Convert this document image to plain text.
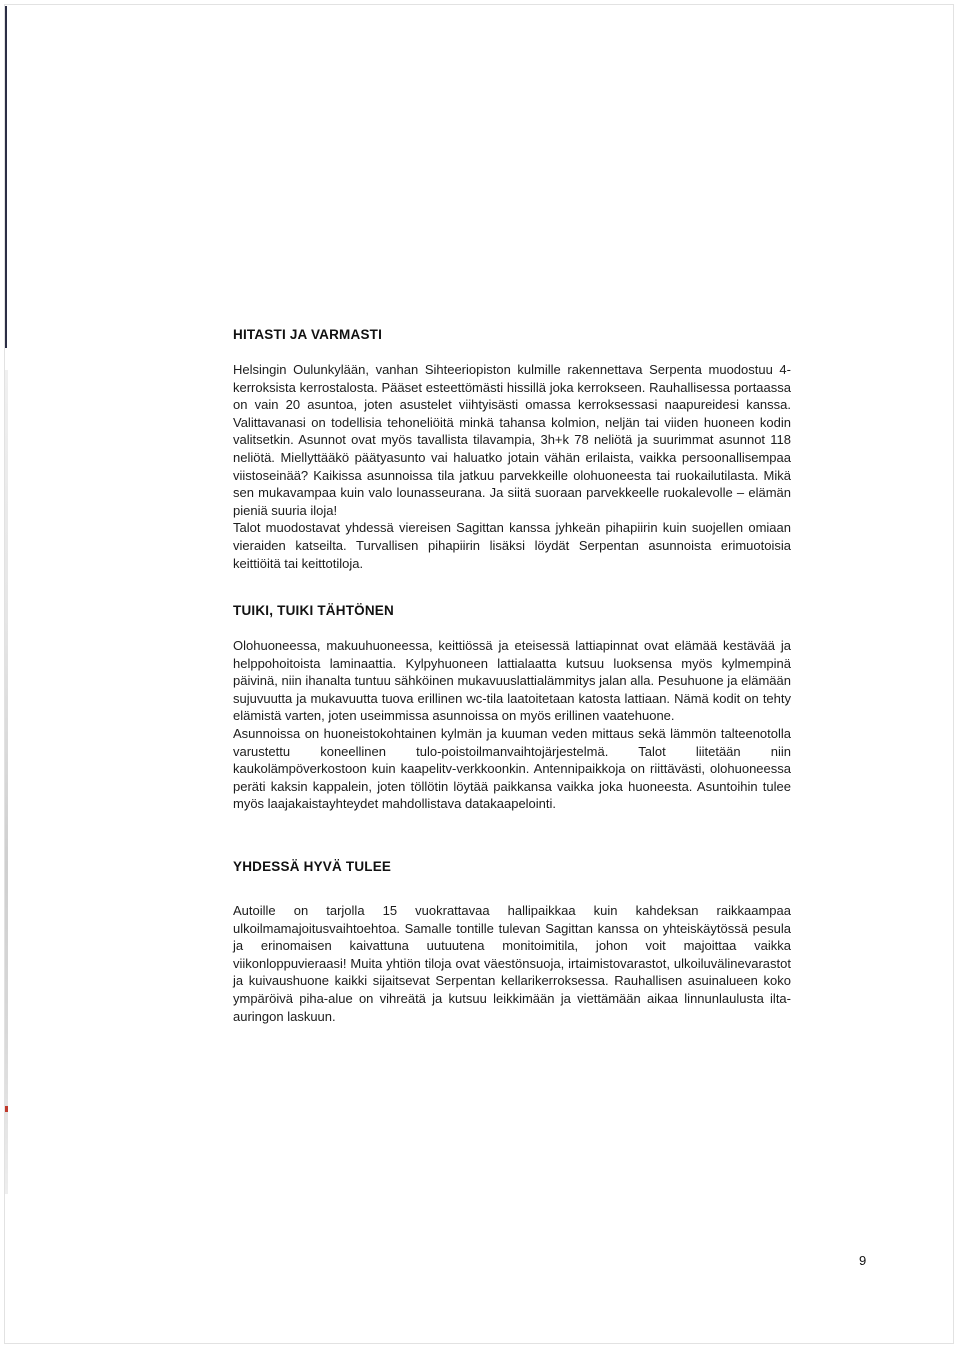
HITASTI JA VARMASTI

Helsingin Oulunkylään, vanhan Sihteeriopiston kulmille rakennettava Serpenta muodostuu 4-kerroksista kerrostalosta. Pääset esteettömästi hissillä joka kerrokseen. Rauhallisessa portaassa on vain 20 asuntoa, joten asustelet viihtyisästi omassa kerroksessasi naapureidesi kanssa. Valittavanasi on todellisia tehoneliöitä minkä tahansa kolmion, neljän tai viiden huoneen kodin valitsetkin. Asunnot ovat myös tavallista tilavampia, 3h+k 78 neliötä ja suurimmat asunnot 118 neliötä. Miellyttääkö päätyasunto vai haluatko jotain vähän erilaista, vaikka persoonallisempaa viistoseinää? Kaikissa asunnoissa tila jatkuu parvekkeille olohuoneesta tai ruokailutilasta. Mikä sen mukavampaa kuin valo lounasseurana. Ja siitä suoraan parvekkeelle ruokalevolle – elämän pieniä suuria iloja!

Talot muodostavat yhdessä viereisen Sagittan kanssa jyhkeän pihapiirin kuin suojellen omiaan vieraiden katseilta. Turvallisen pihapiirin lisäksi löydät Serpentan asunnoista erimuotoisia keittiöitä tai keittotiloja.

TUIKI, TUIKI TÄHTÖNEN

Olohuoneessa, makuuhuoneessa, keittiössä ja eteisessä lattiapinnat ovat elämää kestävää ja helppohoitoista laminaattia. Kylpyhuoneen lattialaatta kutsuu luoksensa myös kylmempinä päivinä, niin ihanalta tuntuu sähköinen mukavuuslattialämmitys jalan alla. Pesuhuone ja elämään sujuvuutta ja mukavuutta tuova erillinen wc-tila laatoitetaan katosta lattiaan. Nämä kodit on tehty elämistä varten, joten useimmissa asunnoissa on myös erillinen vaatehuone.

Asunnoissa on huoneistokohtainen kylmän ja kuuman veden mittaus sekä lämmön talteenotolla varustettu koneellinen tulo-poistoilmanvaihtojärjestelmä. Talot liitetään niin kaukolämpöverkostoon kuin kaapelitv-verkkoonkin. Antennipaikkoja on riittävästi, olohuoneessa peräti kaksin kappalein, joten töllötin löytää paikkansa vaikka joka huoneesta. Asuntoihin tulee myös laajakaistayhteydet mahdollistava datakaapelointi.

YHDESSÄ HYVÄ TULEE

Autoille on tarjolla 15 vuokrattavaa hallipaikkaa kuin kahdeksan raikkaampaa ulkoilmamajoitusvaihtoehtoa. Samalle tontille tulevan Sagittan kanssa on yhteiskäytössä pesula ja erinomaisen kaivattuna uutuutena monitoimitila, johon voit majoittaa vaikka viikonloppuvieraasi! Muita yhtiön tiloja ovat väestönsuoja, irtaimistovarastot, ulkoiluvälinevarastot ja kuivaushuone kaikki sijaitsevat Serpentan kellarikerroksessa. Rauhallisen asuinalueen koko ympäröivä piha-alue on vihreätä ja kutsuu leikkimään ja viettämään aikaa linnunlaulusta ilta-auringon laskuun.

9
